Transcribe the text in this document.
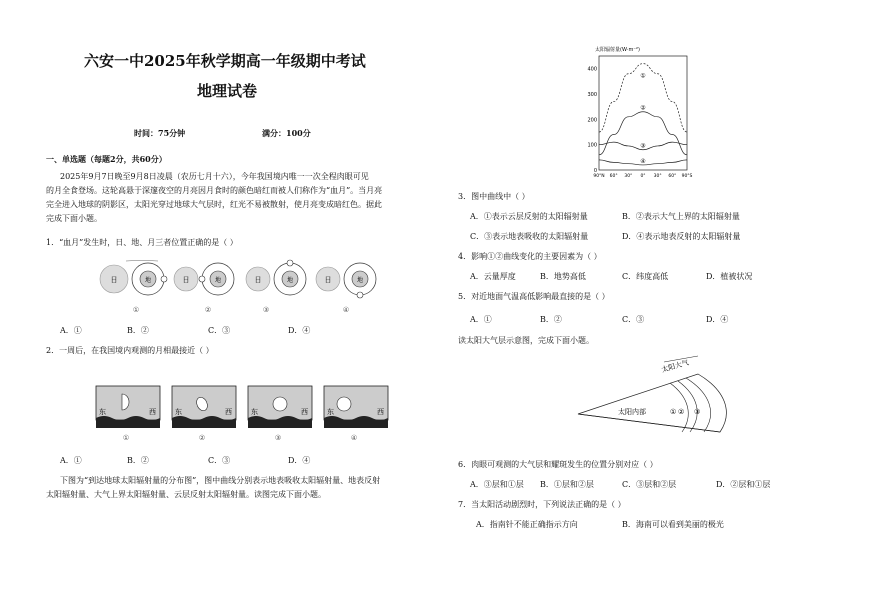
六安一中2025年秋学期高一年级期中考试
地理试卷
时间：75分钟	满分：100分
一、单选题（每题2分，共60分）
2025年9月7日晚至9月8日凌晨（农历七月十六），今年我国境内唯一一次全程肉眼可见
的月全食登场。这轮高悬于深邃夜空的月亮因月食时的颜色暗红而被人们称作为“血月”。当月亮
完全进入地球的阴影区，太阳光穿过地球大气层时，红光不易被散射，使月亮变成暗红色。据此
完成下面小题。
1．“血月”发生时，日、地、月三者位置正确的是（ ）
日	地
①
日	地
②
日	地
③
日	地
④
A．①	B．②	C．③	D．④
2．一周后，在我国境内观测的月相最接近（ ）
东	西
①
东	西
②
东	西
③
东	西
④
A．①	B．②	C．③	D．④
下图为“到达地球太阳辐射量的分布图”，图中曲线分别表示地表吸收太阳辐射量、地表反射
太阳辐射量、大气上界太阳辐射量、云层反射太阳辐射量。读图完成下面小题。
太阳辐射量(W·m⁻²)
400
300
200
100
0
90°N 60° 30° 0° 30° 60° 90°S
①
②
③
④
3．图中曲线中（ ）
A．①表示云层反射的太阳辐射量	B．②表示大气上界的太阳辐射量
C．③表示地表吸收的太阳辐射量	D．④表示地表反射的太阳辐射量
4．影响①②曲线变化的主要因素为（ ）
A．云量厚度	B．地势高低	C．纬度高低	D．植被状况
5．对近地面气温高低影响最直接的是（ ）
A．①	B．②	C．③	D．④
读太阳大气层示意图，完成下面小题。
太阳大气
太阳内部	① ② ③
6．肉眼可观测的大气层和耀斑发生的位置分别对应（ ）
A．③层和①层 B．①层和②层	C．③层和②层	D．②层和①层
7．当太阳活动剧烈时，下列说法正确的是（ ）
A．指南针不能正确指示方向	B．海南可以看到美丽的极光
